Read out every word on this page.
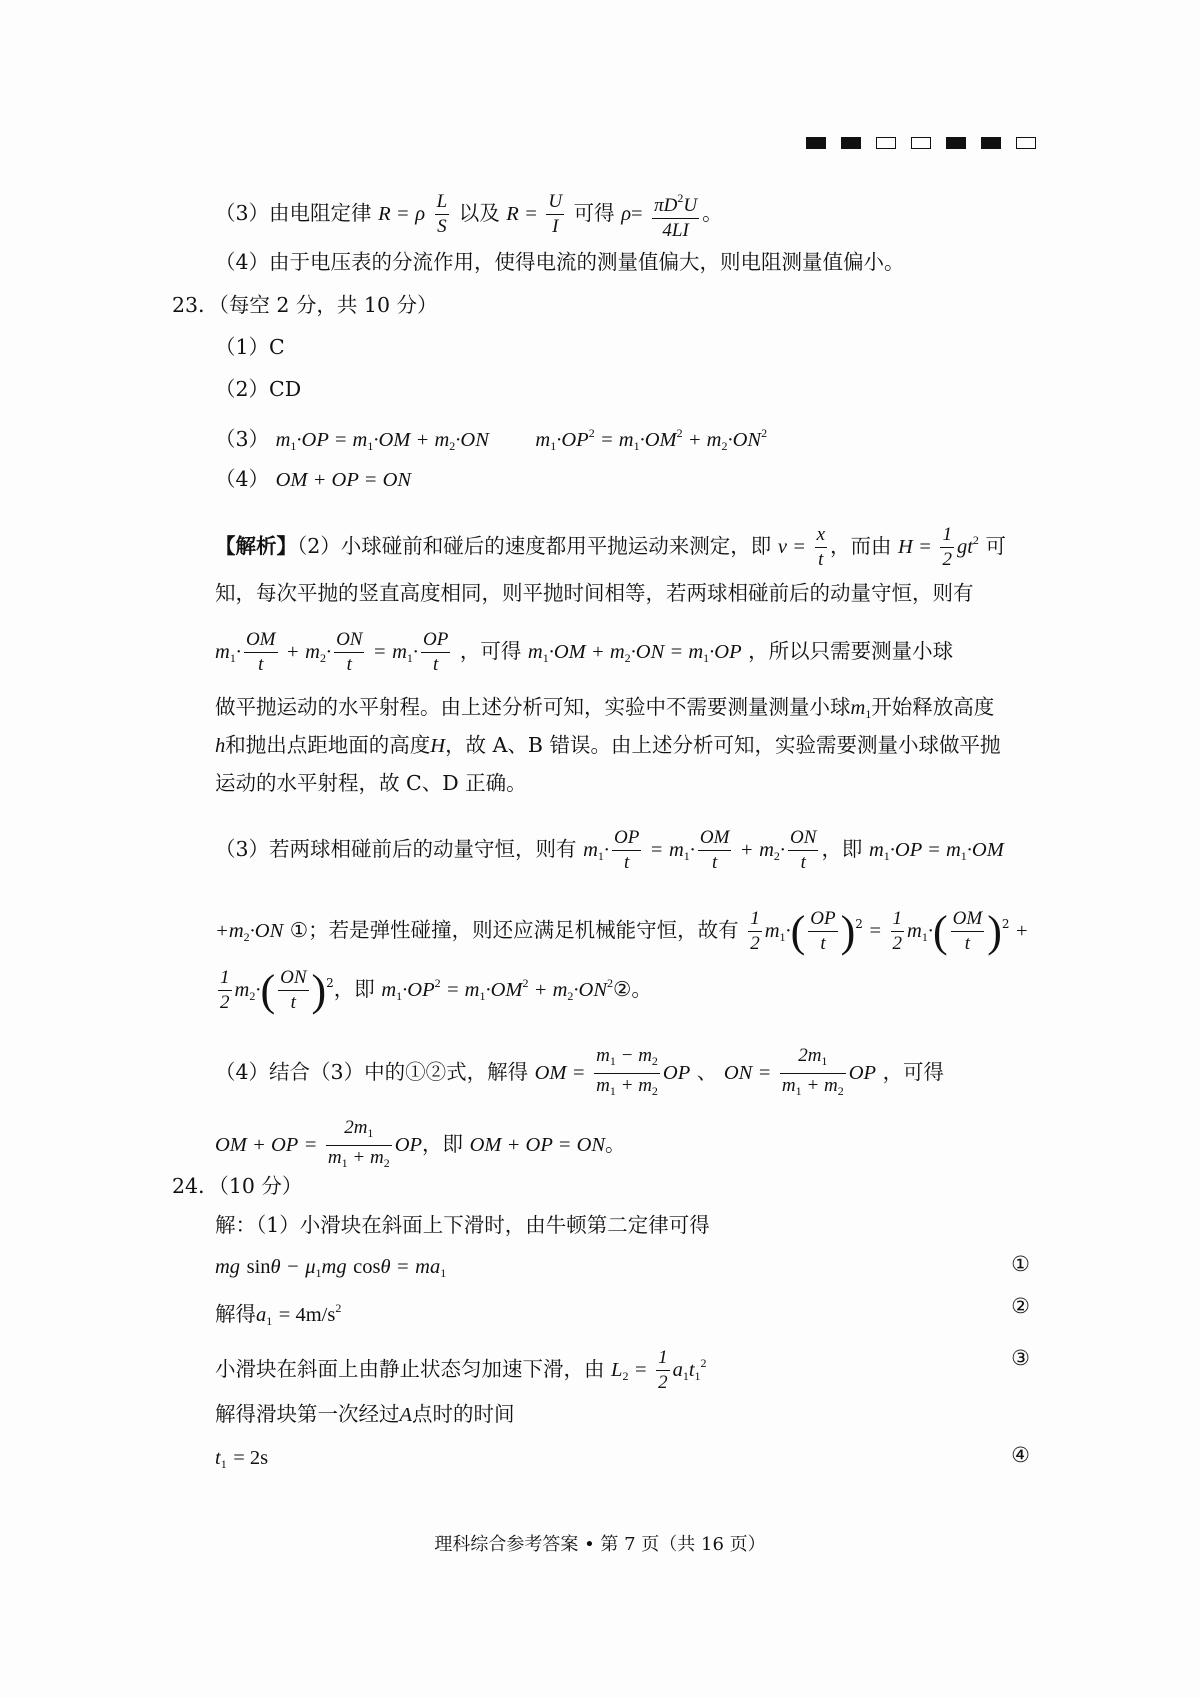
（3）由电阻定律 R = ρ $\frac{L}{S}$ 以及 $R = \frac{U}{I}$ 可得 $\rho= \frac{\pi D^2U}{4LI}$ 。
（4）由于电压表的分流作用，使得电流的测量值偏大，则电阻测量值偏小。
23．（每空 2 分，共 10 分）
（1）C
（2）CD
（3） $m_1\cdot OP = m_1\cdot OM + m_2\cdot ON$ $m_1\cdot OP^2 = m_1\cdot OM^2 + m_2\cdot ON^2$
（4） OM + OP = ON
【解析】（2）小球碰前和碰后的速度都用平抛运动来测定，即 $v = \frac{x}{t}$ ，而由 $H = \frac{1}{2} gt^2$ 可
知，每次平抛的竖直高度相同，则平抛时间相等，若两球相碰前后的动量守恒，则有
$m_1\cdot \frac{OM}{t} + m_2\cdot \frac{ON}{t} = m_1\cdot \frac{OP}{t}$ ，可得 $m_1\cdot OM + m_2\cdot ON = m_1\cdot OP$ ，所以只需要测量小球
做平抛运动的水平射程。由上述分析可知，实验中不需要测量测量小球$m_1$开始释放高度
h和抛出点距地面的高度H，故 A、B 错误。由上述分析可知，实验需要测量小球做平抛
运动的水平射程，故 C、D 正确。
（3）若两球相碰前后的动量守恒，则有 $m_1\cdot \frac{OP}{t} = m_1\cdot \frac{OM}{t} + m_2\cdot \frac{ON}{t}$ ，即 $m_1\cdot OP = m_1\cdot OM$
$+m_2\cdot ON$ ①；若是弹性碰撞，则还应满足机械能守恒，故有 $\frac{1}{2} m_1\cdot( \frac{OP}{t} )^2 = \frac{1}{2} m_1\cdot( \frac{OM}{t} )^2$ +
$\frac{1}{2} m_2\cdot( \frac{ON}{t} )^2$，即 $m_1\cdot OP^2 = m_1\cdot OM^2$ + $m_2\cdot ON^2②$。
（4）结合（3）中的①②式，解得 OM = $\frac{m_1 - m_2}{m_1 + m_2}$ OP 、 ON = $\frac{2m_1}{m_1 + m_2}$ OP ，可得
OM + OP = $\frac{2m_1}{m_1 + m_2}$ OP，即 OM + OP = ON。
24．（10 分）
解：（1）小滑块在斜面上下滑时，由牛顿第二定律可得
mg $\sin\theta - \mu_1mg$ $\cos\theta = ma_1$	①
解得$a_1 = 4m/s^2$	②
小滑块在斜面上由静止状态匀加速下滑，由 $L_2 = \frac{1}{2} a_1t_1^2$	③
解得滑块第一次经过A点时的时间
$t_1 = 2s$	④
理科综合参考答案 • 第 7 页（共 16 页）
